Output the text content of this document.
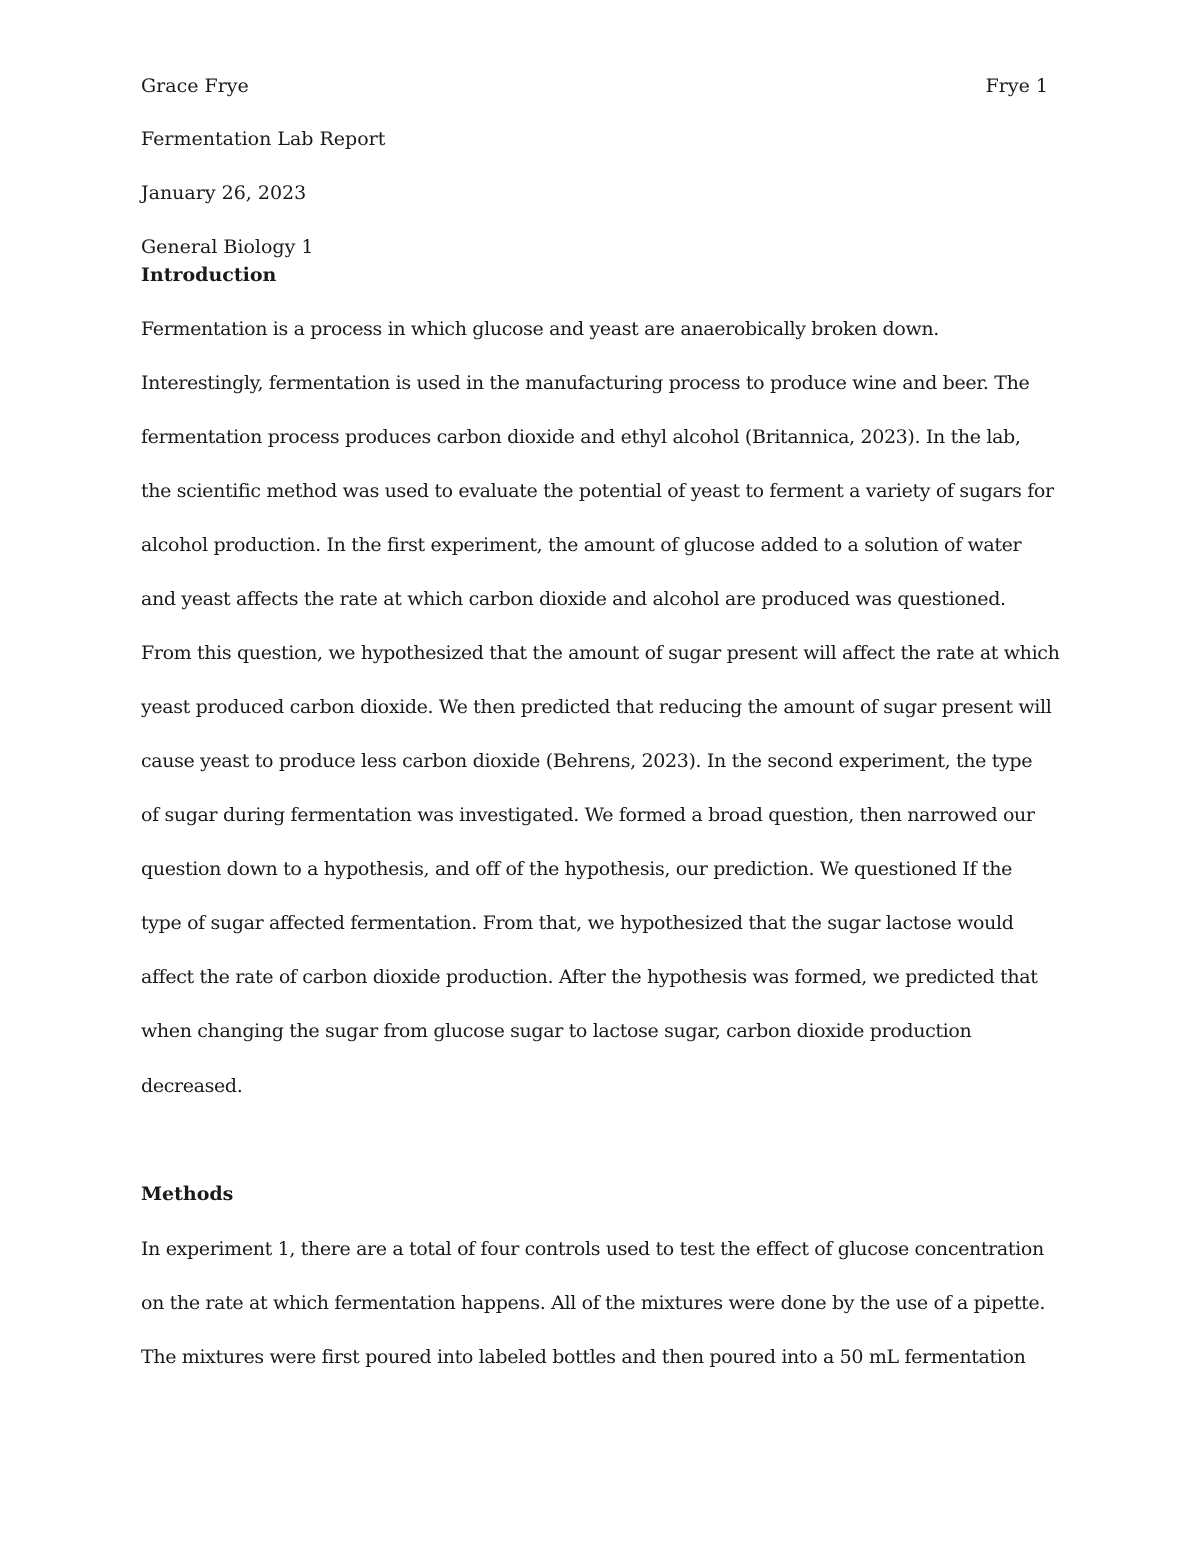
Grace Frye	Frye 1
Fermentation Lab Report
January 26, 2023
General Biology 1
Introduction
Fermentation is a process in which glucose and yeast are anaerobically broken down.
Interestingly, fermentation is used in the manufacturing process to produce wine and beer. The
fermentation process produces carbon dioxide and ethyl alcohol (Britannica, 2023). In the lab,
the scientific method was used to evaluate the potential of yeast to ferment a variety of sugars for
alcohol production. In the first experiment, the amount of glucose added to a solution of water
and yeast affects the rate at which carbon dioxide and alcohol are produced was questioned.
From this question, we hypothesized that the amount of sugar present will affect the rate at which
yeast produced carbon dioxide. We then predicted that reducing the amount of sugar present will
cause yeast to produce less carbon dioxide (Behrens, 2023). In the second experiment, the type
of sugar during fermentation was investigated. We formed a broad question, then narrowed our
question down to a hypothesis, and off of the hypothesis, our prediction. We questioned If the
type of sugar affected fermentation. From that, we hypothesized that the sugar lactose would
affect the rate of carbon dioxide production. After the hypothesis was formed, we predicted that
when changing the sugar from glucose sugar to lactose sugar, carbon dioxide production
decreased.
Methods
In experiment 1, there are a total of four controls used to test the effect of glucose concentration
on the rate at which fermentation happens. All of the mixtures were done by the use of a pipette.
The mixtures were first poured into labeled bottles and then poured into a 50 mL fermentation
